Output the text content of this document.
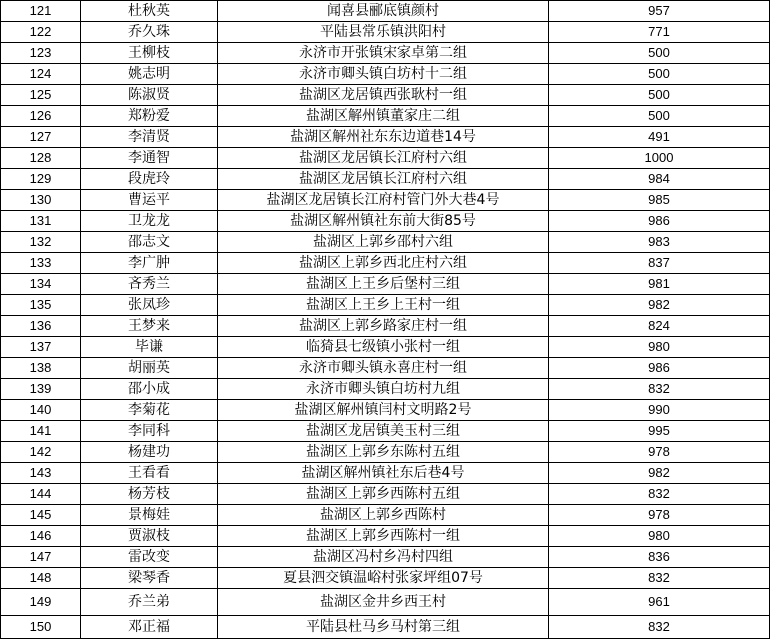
121	杜秋英	闻喜县郦底镇颜村	957
122	乔久珠	平陆县常乐镇洪阳村	771
123	王柳枝	永济市开张镇宋家卓第二组	500
124	姚志明	永济市卿头镇白坊村十二组	500
125	陈淑贤	盐湖区龙居镇西张耿村一组	500
126	郑粉爱	盐湖区解州镇董家庄二组	500
127	李清贤	盐湖区解州社东东边道巷14号	491
128	李通智	盐湖区龙居镇长江府村六组	1000
129	段虎玲	盐湖区龙居镇长江府村六组	984
130	曹运平	盐湖区龙居镇长江府村管门外大巷4号	985
131	卫龙龙	盐湖区解州镇社东前大街85号	986
132	邵志文	盐湖区上郭乡邵村六组	983
133	李广肿	盐湖区上郭乡西北庄村六组	837
134	吝秀兰	盐湖区上王乡后堡村三组	981
135	张凤珍	盐湖区上王乡上王村一组	982
136	王梦来	盐湖区上郭乡路家庄村一组	824
137	毕谦	临猗县七级镇小张村一组	980
138	胡丽英	永济市卿头镇永喜庄村一组	986
139	邵小成	永济市卿头镇白坊村九组	832
140	李菊花	盐湖区解州镇闫村文明路2号	990
141	李同科	盐湖区龙居镇美玉村三组	995
142	杨建功	盐湖区上郭乡东陈村五组	978
143	王看看	盐湖区解州镇社东后巷4号	982
144	杨芳枝	盐湖区上郭乡西陈村五组	832
145	景梅娃	盐湖区上郭乡西陈村	978
146	贾淑枝	盐湖区上郭乡西陈村一组	980
147	雷改变	盐湖区冯村乡冯村四组	836
148	梁琴香	夏县泗交镇温峪村张家坪组07号	832
149	乔兰弟	盐湖区金井乡西王村	961
150	邓正福	平陆县杜马乡马村第三组	832
